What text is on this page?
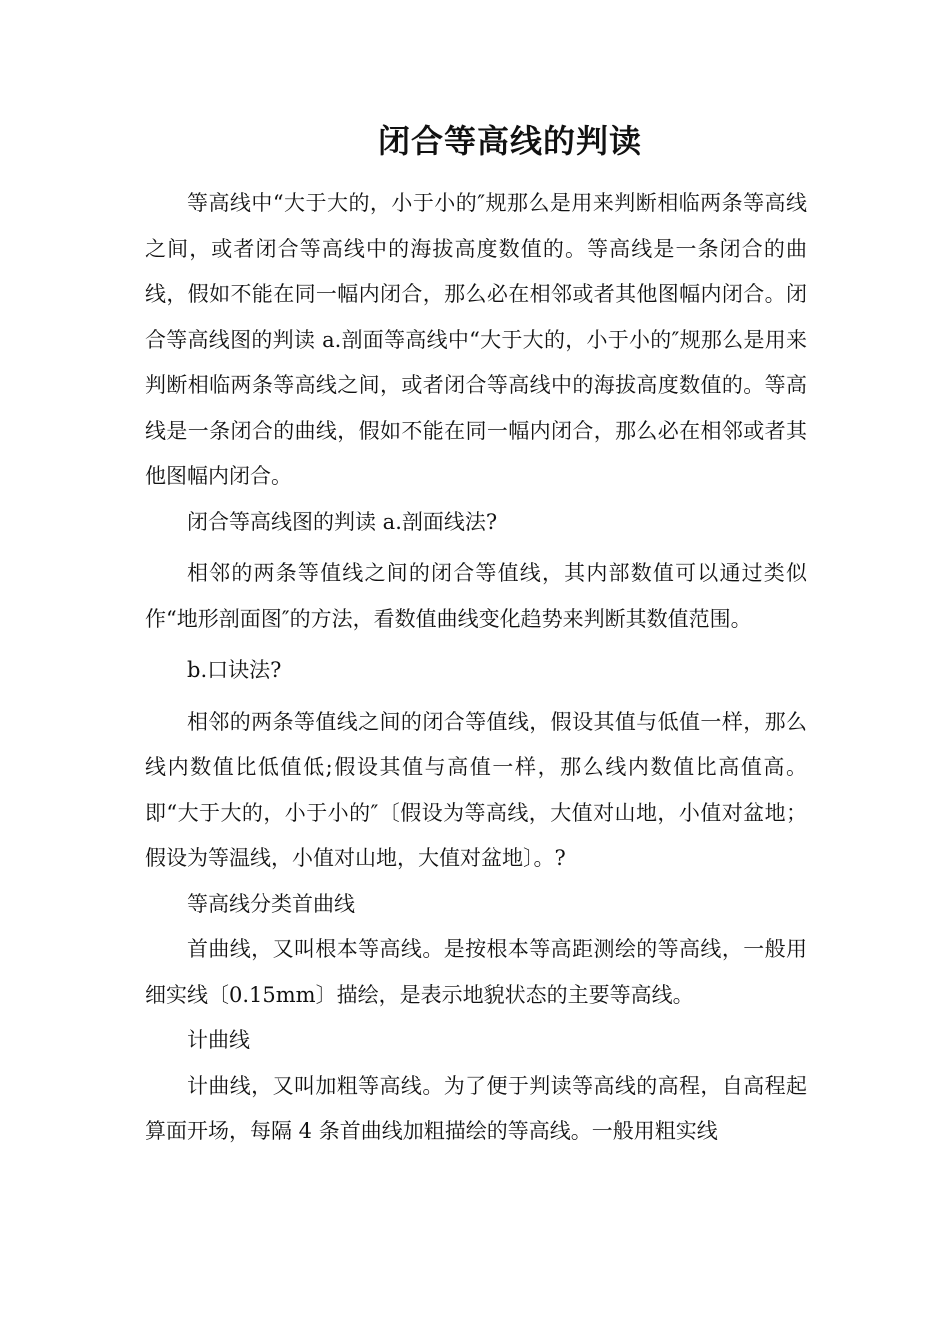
闭合等高线的判读

等高线中“大于大的，小于小的″规那么是用来判断相临两条等高线之间，或者闭合等高线中的海拔高度数值的。等高线是一条闭合的曲线，假如不能在同一幅内闭合，那么必在相邻或者其他图幅内闭合。闭合等高线图的判读 a.剖面等高线中“大于大的，小于小的″规那么是用来判断相临两条等高线之间，或者闭合等高线中的海拔高度数值的。等高线是一条闭合的曲线，假如不能在同一幅内闭合，那么必在相邻或者其他图幅内闭合。

闭合等高线图的判读 a.剖面线法?

相邻的两条等值线之间的闭合等值线，其内部数值可以通过类似作“地形剖面图″的方法，看数值曲线变化趋势来判断其数值范围。

b.口诀法?

相邻的两条等值线之间的闭合等值线，假设其值与低值一样，那么线内数值比低值低;假设其值与高值一样，那么线内数值比高值高。即“大于大的，小于小的″〔假设为等高线，大值对山地，小值对盆地；假设为等温线，小值对山地，大值对盆地〕。?

等高线分类首曲线

首曲线，又叫根本等高线。是按根本等高距测绘的等高线，一般用细实线〔0.15mm〕描绘，是表示地貌状态的主要等高线。

计曲线

计曲线，又叫加粗等高线。为了便于判读等高线的高程，自高程起算面开场，每隔 4 条首曲线加粗描绘的等高线。一般用粗实线
